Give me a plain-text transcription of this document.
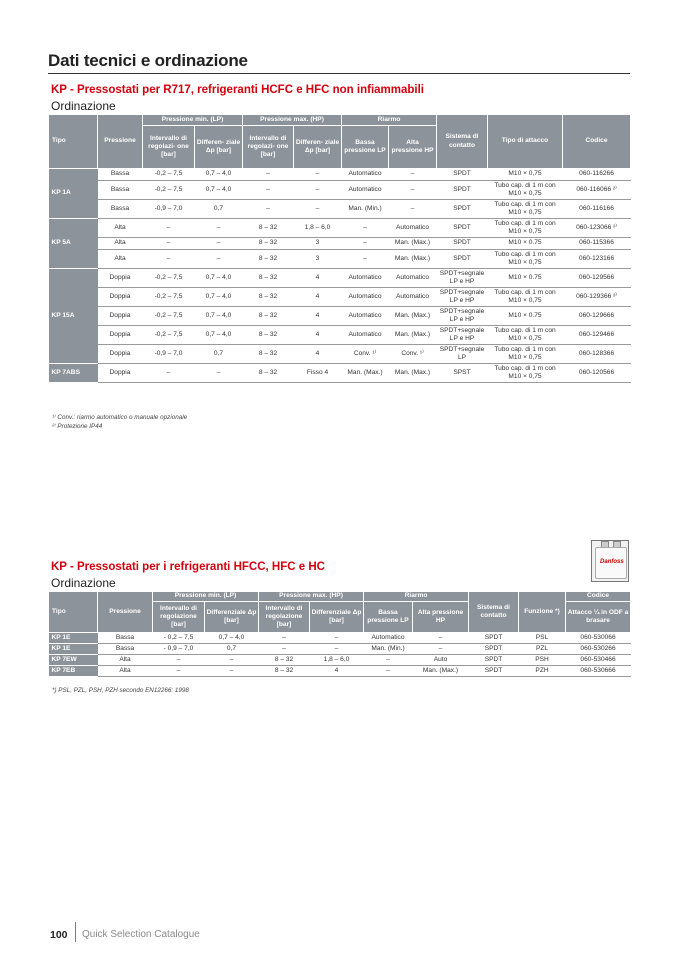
Dati tecnici e ordinazione
KP - Pressostati per R717, refrigeranti HCFC e HFC non infiammabili
Ordinazione
Tipo	Pressione	Pressione min. (LP)		Pressione max. (HP)		Riarmo		Sistema di contatto	Tipo di attacco	Codice
		Intervallo di regolazi- one [bar]	Differen- ziale Δp [bar]	Intervallo di regolazi- one [bar]	Differen- ziale Δp [bar]	Bassa pressione LP	Alta pressione HP			
KP 1A	Bassa	-0,2 – 7,5	0,7 – 4,0	–	–	Automatico	–	SPDT	M10 × 0,75	060-116266
	Bassa	-0,2 – 7,5	0,7 – 4,0	–	–	Automatico	–	SPDT	Tubo cap. di 1 m con M10 × 0,75	060-116066 ²⁾
	Bassa	-0,9 – 7,0	0,7	–	–	Man. (Min.)	–	SPDT	Tubo cap. di 1 m con M10 × 0,75	060-116166
KP 5A	Alta	–	–	8 – 32	1,8 – 6,0	–	Automatico	SPDT	Tubo cap. di 1 m con M10 × 0,75	060-123066 ²⁾
	Alta	–	–	8 – 32	3	–	Man. (Max.)	SPDT	M10 × 0.75	060-115366
	Alta	–	–	8 – 32	3	–	Man. (Max.)	SPDT	Tubo cap. di 1 m con M10 × 0,75	060-123166
KP 15A	Doppia	-0,2 – 7,5	0,7 – 4,0	8 – 32	4	Automatico	Automatico	SPDT+segnale LP e HP	M10 × 0.75	060-129566
	Doppia	-0,2 – 7,5	0,7 – 4,0	8 – 32	4	Automatico	Automatico	SPDT+segnale LP e HP	Tubo cap. di 1 m con M10 × 0,75	060-129366 ²⁾
	Doppia	-0,2 – 7,5	0,7 – 4,0	8 – 32	4	Automatico	Man. (Max.)	SPDT+segnale LP e HP	M10 × 0.75	060-129666
	Doppia	-0,2 – 7,5	0,7 – 4,0	8 – 32	4	Automatico	Man. (Max.)	SPDT+segnale LP e HP	Tubo cap. di 1 m con M10 × 0,75	060-129466
	Doppia	-0,9 – 7,0	0,7	8 – 32	4	Conv. ¹⁾	Conv. ¹⁾	SPDT+segnale LP	Tubo cap. di 1 m con M10 × 0,75	060-128366
KP 7ABS	Doppia	–	–	8 – 32	Fisso 4	Man. (Max.)	Man. (Max.)	SPST	Tubo cap. di 1 m con M10 × 0,75	060-120566
¹⁾ Conv.: riarmo automatico o manuale opzionale
²⁾ Protezione IP44
Danfoss
KP - Pressostati per i refrigeranti HFCC, HFC e HC
Ordinazione
Tipo	Pressione	Pressione min. (LP)		Pressione max. (HP)		Riarmo		Sistema di contatto	Funzione *)	Codice
		Intervallo di regolazione [bar]	Differenziale Δp [bar]	Intervallo di regolazione [bar]	Differenziale Δp [bar]	Bassa pressione LP	Alta pressione HP			Attacco ¼ in ODF a brasare
KP 1E	Bassa	- 0,2 – 7,5	0,7 – 4,0	–	–	Automatico	–	SPDT	PSL	060-530066
KP 1E	Bassa	- 0,9 – 7,0	0,7	–	–	Man. (Min.)	–	SPDT	PZL	060-530266
KP 7EW	Alta	–	–	8 – 32	1,8 – 6,0	–	Auto	SPDT	PSH	060-530466
KP 7EB	Alta	–	–	8 – 32	4	–	Man. (Max.)	SPDT	PZH	060-530666
*) PSL, PZL, PSH, PZH secondo EN12266: 1998
100 Quick Selection Catalogue
